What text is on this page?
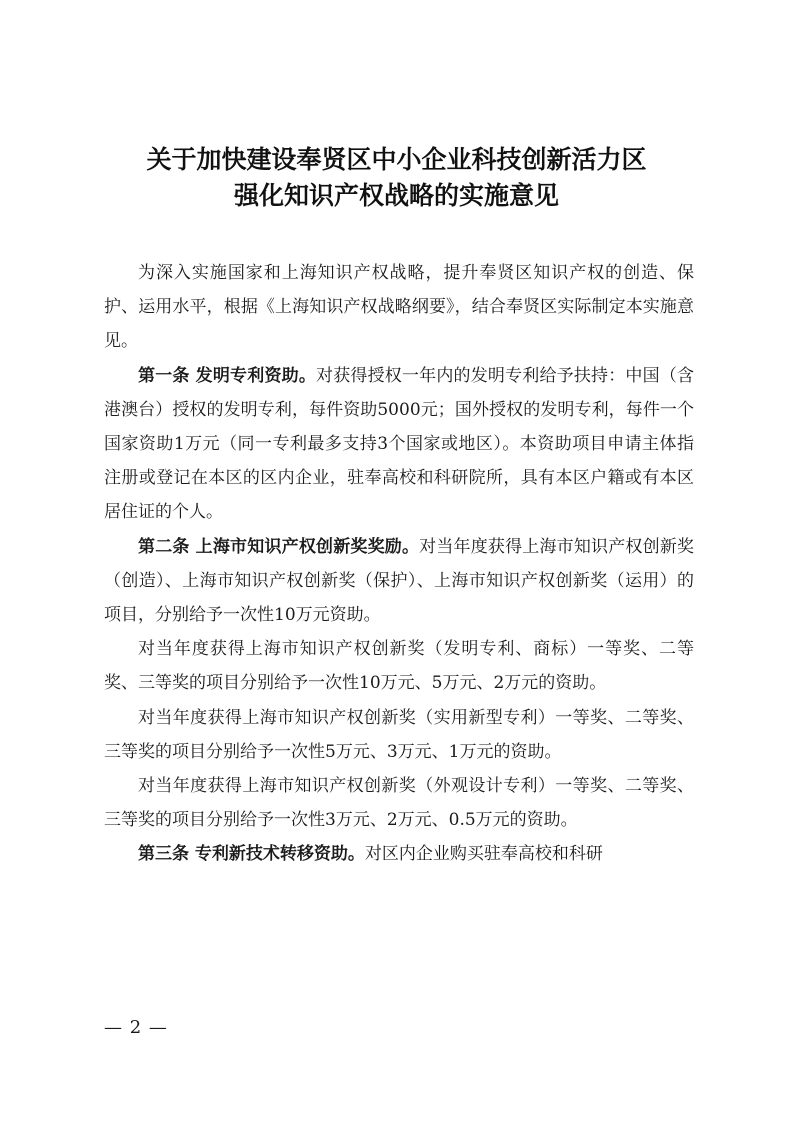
关于加快建设奉贤区中小企业科技创新活力区
强化知识产权战略的实施意见

为深入实施国家和上海知识产权战略，提升奉贤区知识产权的创造、保护、运用水平，根据《上海知识产权战略纲要》，结合奉贤区实际制定本实施意见。

第一条 发明专利资助。对获得授权一年内的发明专利给予扶持：中国（含港澳台）授权的发明专利，每件资助5000元；国外授权的发明专利，每件一个国家资助1万元（同一专利最多支持3个国家或地区）。本资助项目申请主体指注册或登记在本区的区内企业，驻奉高校和科研院所，具有本区户籍或有本区居住证的个人。

第二条 上海市知识产权创新奖奖励。对当年度获得上海市知识产权创新奖（创造）、上海市知识产权创新奖（保护）、上海市知识产权创新奖（运用）的项目，分别给予一次性10万元资助。

对当年度获得上海市知识产权创新奖（发明专利、商标）一等奖、二等奖、三等奖的项目分别给予一次性10万元、5万元、2万元的资助。

对当年度获得上海市知识产权创新奖（实用新型专利）一等奖、二等奖、三等奖的项目分别给予一次性5万元、3万元、1万元的资助。

对当年度获得上海市知识产权创新奖（外观设计专利）一等奖、二等奖、三等奖的项目分别给予一次性3万元、2万元、0.5万元的资助。

第三条 专利新技术转移资助。对区内企业购买驻奉高校和科研

— 2 —
